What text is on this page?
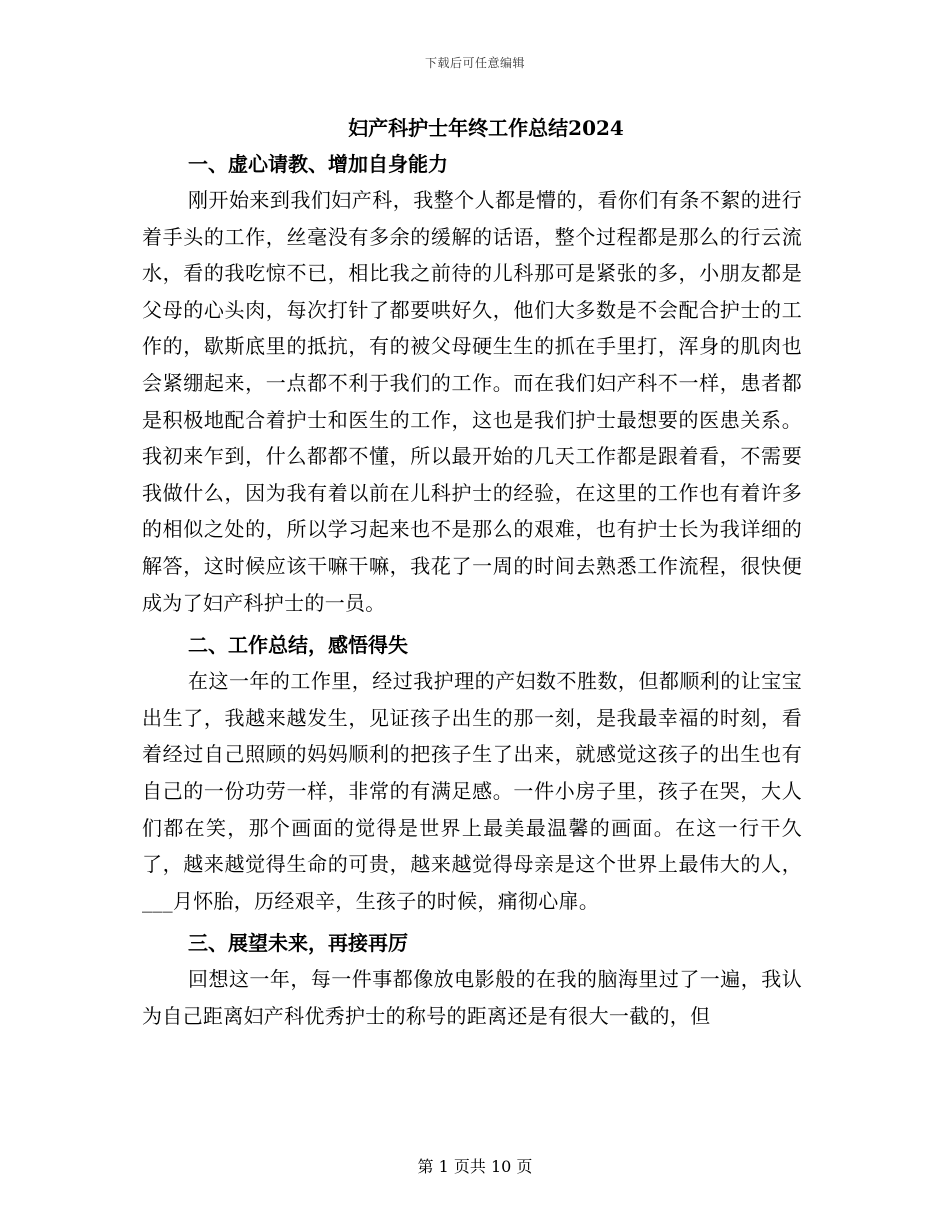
下载后可任意编辑
妇产科护士年终工作总结2024
一、虚心请教、增加自身能力

刚开始来到我们妇产科，我整个人都是懵的，看你们有条不絮的进行着手头的工作，丝毫没有多余的缓解的话语，整个过程都是那么的行云流水，看的我吃惊不已，相比我之前待的儿科那可是紧张的多，小朋友都是父母的心头肉，每次打针了都要哄好久，他们大多数是不会配合护士的工作的，歇斯底里的抵抗，有的被父母硬生生的抓在手里打，浑身的肌肉也会紧绷起来，一点都不利于我们的工作。而在我们妇产科不一样，患者都是积极地配合着护士和医生的工作，这也是我们护士最想要的医患关系。我初来乍到，什么都都不懂，所以最开始的几天工作都是跟着看，不需要我做什么，因为我有着以前在儿科护士的经验，在这里的工作也有着许多的相似之处的，所以学习起来也不是那么的艰难，也有护士长为我详细的解答，这时候应该干嘛干嘛，我花了一周的时间去熟悉工作流程，很快便成为了妇产科护士的一员。

二、工作总结，感悟得失

在这一年的工作里，经过我护理的产妇数不胜数，但都顺利的让宝宝出生了，我越来越发生，见证孩子出生的那一刻，是我最幸福的时刻，看着经过自己照顾的妈妈顺利的把孩子生了出来，就感觉这孩子的出生也有自己的一份功劳一样，非常的有满足感。一件小房子里，孩子在哭，大人们都在笑，那个画面的觉得是世界上最美最温馨的画面。在这一行干久了，越来越觉得生命的可贵，越来越觉得母亲是这个世界上最伟大的人，___月怀胎，历经艰辛，生孩子的时候，痛彻心扉。

三、展望未来，再接再厉

回想这一年，每一件事都像放电影般的在我的脑海里过了一遍，我认为自己距离妇产科优秀护士的称号的距离还是有很大一截的，但

第 1 页共 10 页
